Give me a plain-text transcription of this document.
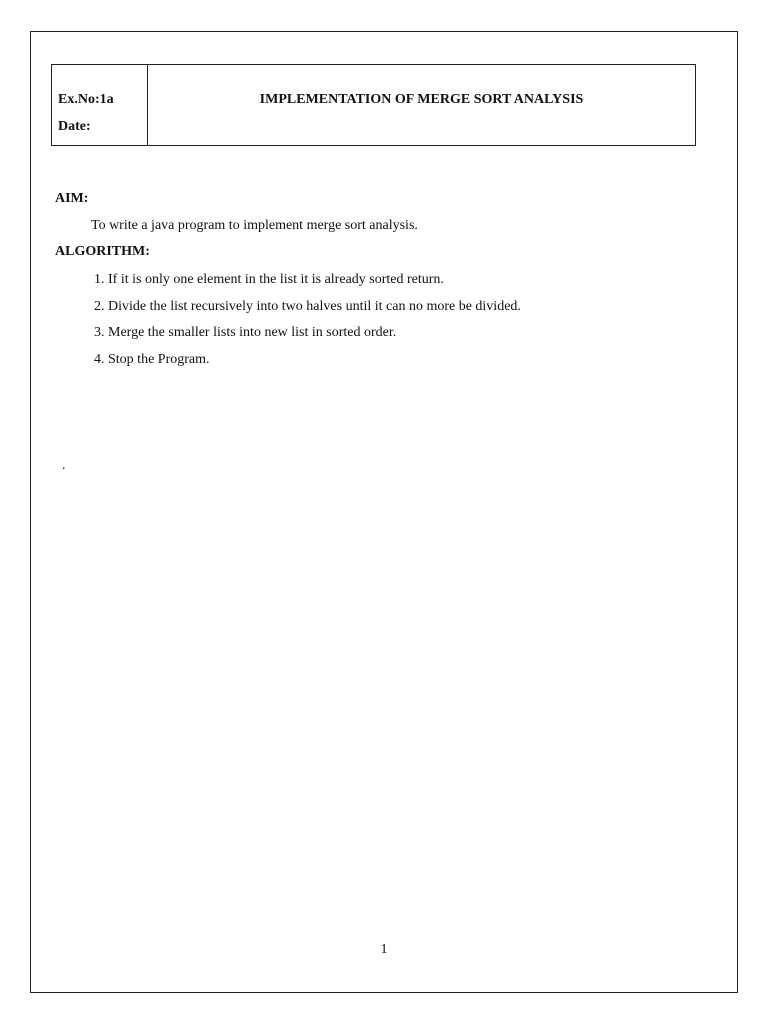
Ex.No:1a
Date:
IMPLEMENTATION OF MERGE SORT ANALYSIS
AIM:
To write a java program to implement merge sort analysis.
ALGORITHM:
1. If it is only one element in the list it is already sorted return.
2. Divide the list recursively into two halves until it can no more be divided.
3. Merge the smaller lists into new list in sorted order.
4. Stop the Program.
.
1
